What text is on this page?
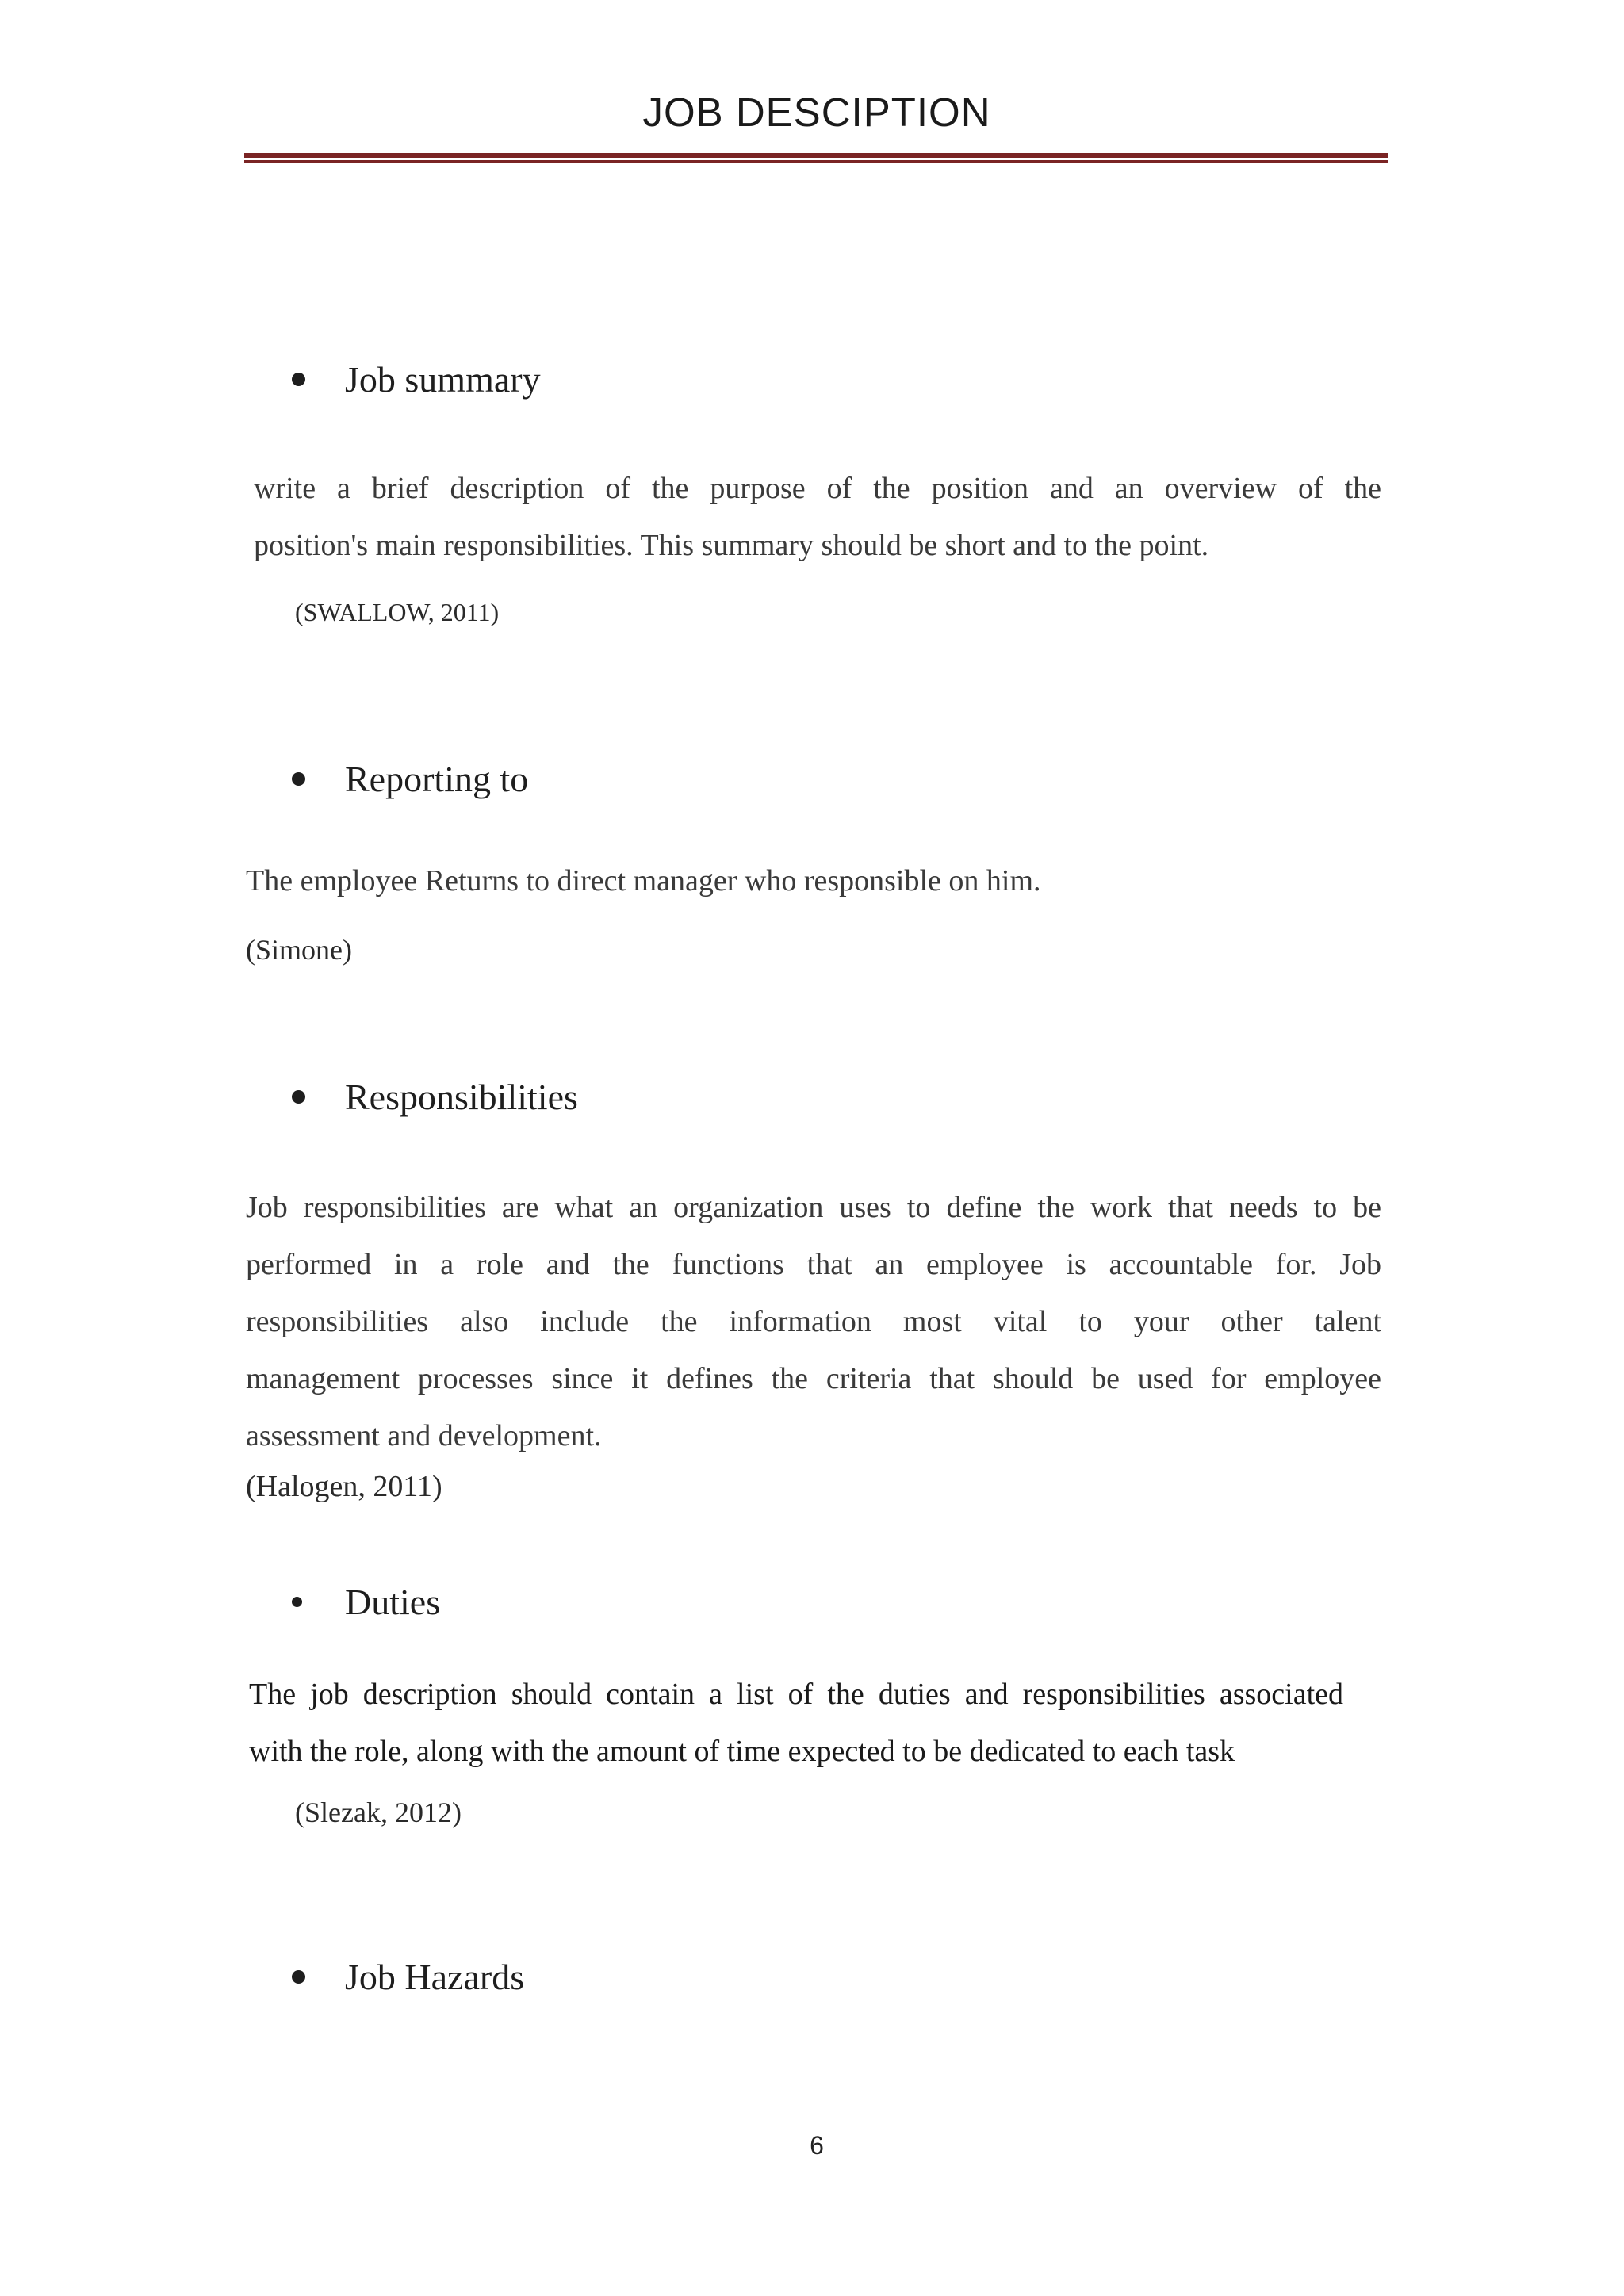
JOB DESCIPTION
Job summary
write a brief description of the purpose of the position and an overview of the
position's main responsibilities. This summary should be short and to the point.
(SWALLOW, 2011)
Reporting to
The employee Returns to direct manager who responsible on him.
(Simone)
Responsibilities
Job responsibilities are what an organization uses to define the work that needs to be
performed in a role and the functions that an employee is accountable for. Job
responsibilities also include the information most vital to your other talent
management processes since it defines the criteria that should be used for employee
assessment and development.
(Halogen, 2011)
Duties
The job description should contain a list of the duties and responsibilities associated
with the role, along with the amount of time expected to be dedicated to each task
(Slezak, 2012)
Job Hazards
6
